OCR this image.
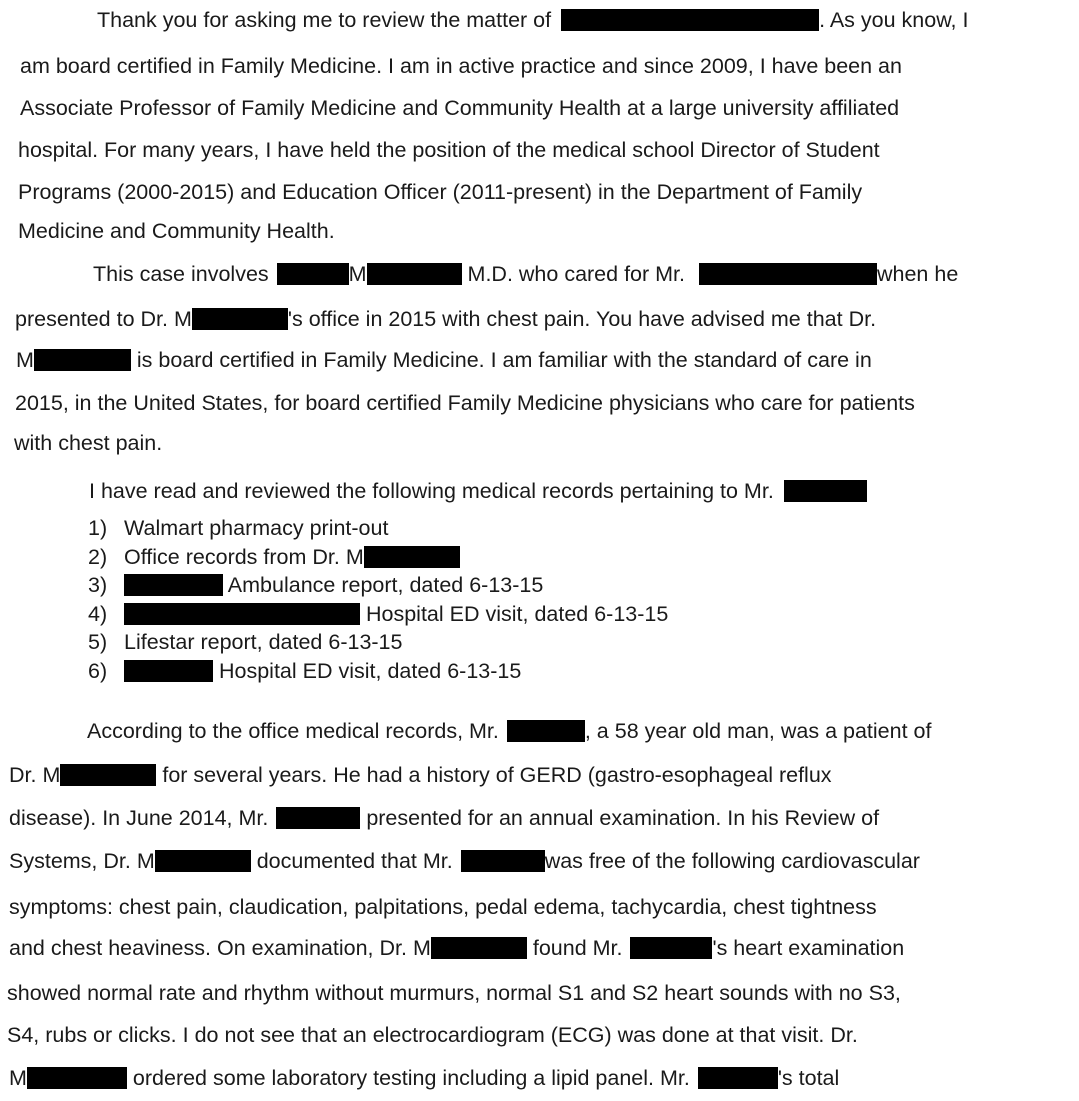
Thank you for asking me to review the matter of	. As you know, I
am board certified in Family Medicine. I am in active practice and since 2009, I have been an
Associate Professor of Family Medicine and Community Health at a large university affiliated
hospital. For many years, I have held the position of the medical school Director of Student
Programs (2000-2015) and Education Officer (2011-present) in the Department of Family
Medicine and Community Health.
This case involves	M	M.D. who cared for Mr.	when he
presented to Dr. M	's office in 2015 with chest pain. You have advised me that Dr.
M	is board certified in Family Medicine. I am familiar with the standard of care in
2015, in the United States, for board certified Family Medicine physicians who care for patients
with chest pain.
I have read and reviewed the following medical records pertaining to Mr.
1) Walmart pharmacy print-out
2) Office records from Dr. M
3)	Ambulance report, dated 6-13-15
4)	Hospital ED visit, dated 6-13-15
5) Lifestar report, dated 6-13-15
6)	Hospital ED visit, dated 6-13-15
According to the office medical records, Mr.	, a 58 year old man, was a patient of
Dr. M	for several years. He had a history of GERD (gastro-esophageal reflux
disease). In June 2014, Mr.	presented for an annual examination. In his Review of
Systems, Dr. M	documented that Mr.	was free of the following cardiovascular
symptoms: chest pain, claudication, palpitations, pedal edema, tachycardia, chest tightness
and chest heaviness. On examination, Dr. M	found Mr.	's heart examination
showed normal rate and rhythm without murmurs, normal S1 and S2 heart sounds with no S3,
S4, rubs or clicks. I do not see that an electrocardiogram (ECG) was done at that visit. Dr.
M	ordered some laboratory testing including a lipid panel. Mr.	's total
